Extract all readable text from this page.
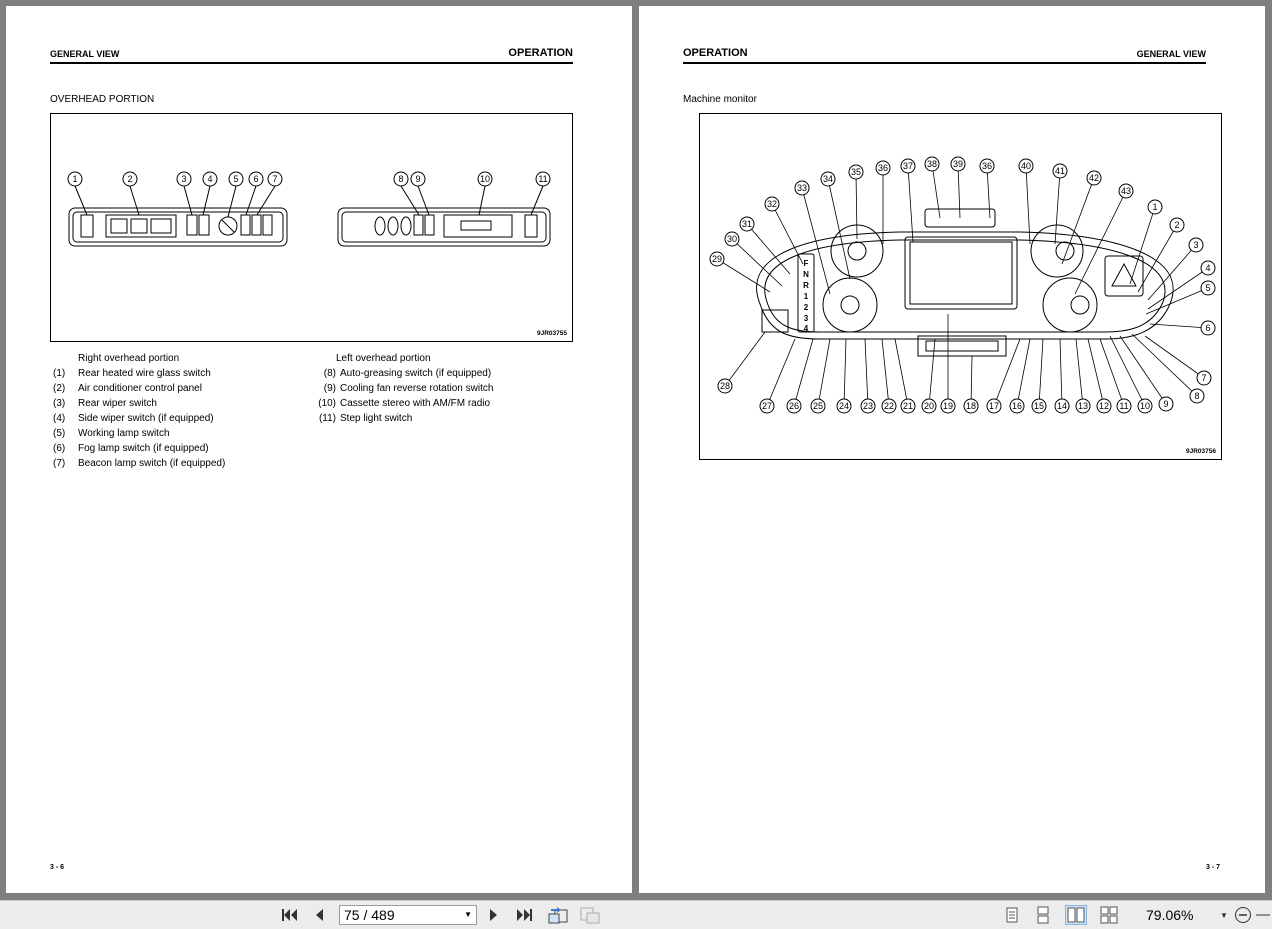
GENERAL VIEW	OPERATION
OVERHEAD PORTION
1	2	3 4 5 6 7	8 9	10	11
9JR03755
Right overhead portion
(1) Rear heated wire glass switch
(2) Air conditioner control panel
(3) Rear wiper switch
(4) Side wiper switch (if equipped)
(5) Working lamp switch
(6) Fog lamp switch (if equipped)
(7) Beacon lamp switch (if equipped)
Left overhead portion
(8) Auto-greasing switch (if equipped)
(9) Cooling fan reverse rotation switch
(10) Cassette stereo with AM/FM radio
(11) Step light switch
3 - 6
OPERATION	GENERAL VIEW
Machine monitor
F
N
R
1
2
3
4
1
2
3
4
5
6
7
8
9
10
11
12
13
14
15
16
17
18
19
20
21
22
23
24
25
26
27
28
29
30
31
32
33
34
35 36 37 38 39 36	40	41
42
43
9JR03756
3 - 7
75 / 489	▼	79.06%	▼
